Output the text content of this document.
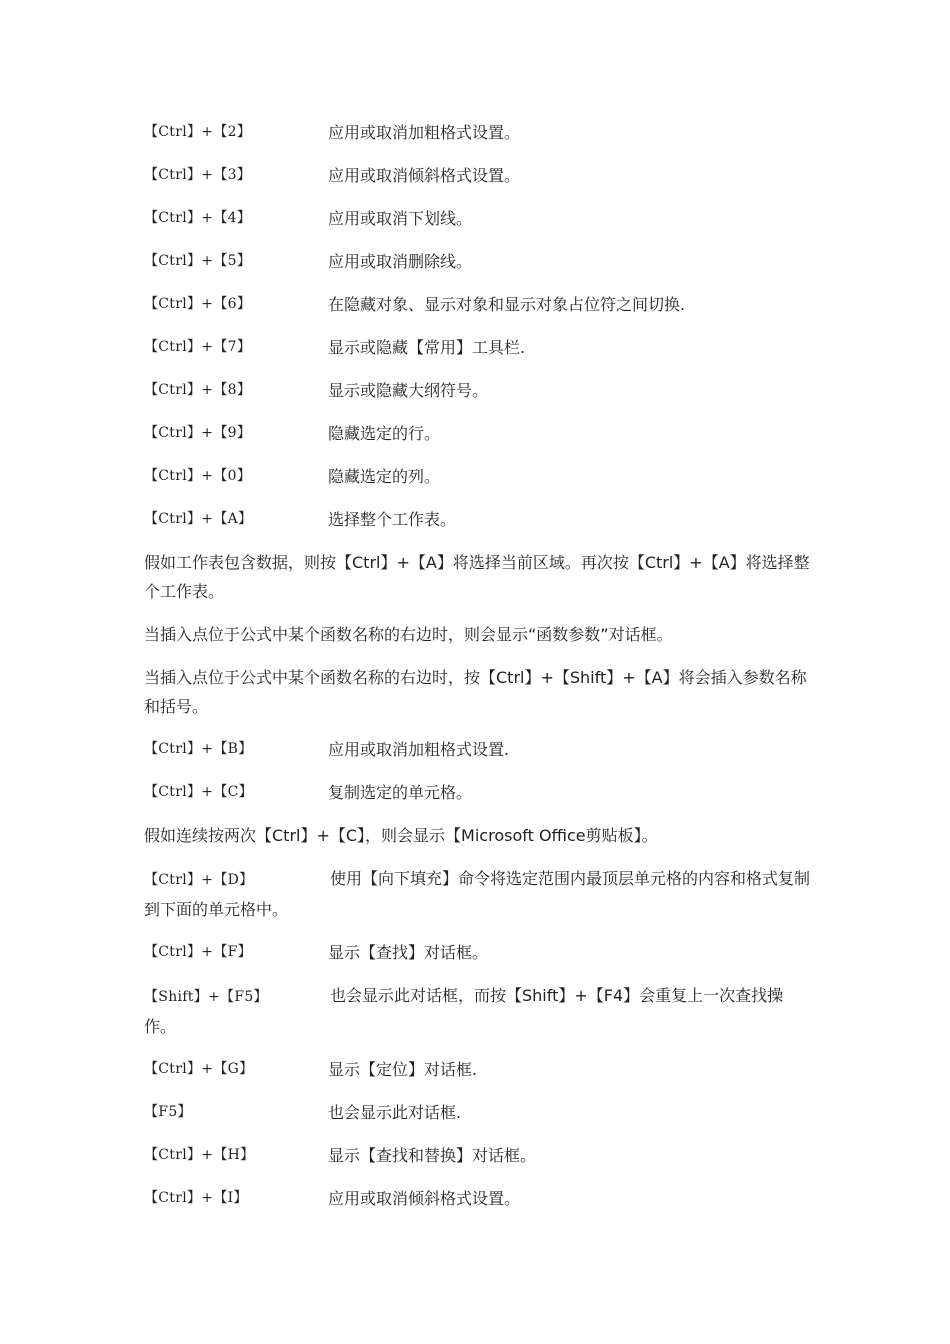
【Ctrl】+【2】	应用或取消加粗格式设置。
【Ctrl】+【3】	应用或取消倾斜格式设置。
【Ctrl】+【4】	应用或取消下划线。
【Ctrl】+【5】	应用或取消删除线。
【Ctrl】+【6】	在隐藏对象、显示对象和显示对象占位符之间切换.
【Ctrl】+【7】	显示或隐藏【常用】工具栏.
【Ctrl】+【8】	显示或隐藏大纲符号。
【Ctrl】+【9】	隐藏选定的行。
【Ctrl】+【0】	隐藏选定的列。
【Ctrl】+【A】	选择整个工作表。
假如工作表包含数据，则按【Ctrl】+【A】将选择当前区域。再次按【Ctrl】+【A】将选择整个工作表。
当插入点位于公式中某个函数名称的右边时，则会显示“函数参数”对话框。
当插入点位于公式中某个函数名称的右边时，按【Ctrl】+【Shift】+【A】将会插入参数名称和括号。
【Ctrl】+【B】	应用或取消加粗格式设置.
【Ctrl】+【C】	复制选定的单元格。
假如连续按两次【Ctrl】+【C】，则会显示【Microsoft Office剪贴板】。
【Ctrl】+【D】	使用【向下填充】命令将选定范围内最顶层单元格的内容和格式复制到下面的单元格中。
【Ctrl】+【F】	显示【查找】对话框。
【Shift】+【F5】	也会显示此对话框，而按【Shift】+【F4】会重复上一次查找操作。
【Ctrl】+【G】	显示【定位】对话框.
【F5】	也会显示此对话框.
【Ctrl】+【H】	显示【查找和替换】对话框。
【Ctrl】+【I】	应用或取消倾斜格式设置。
